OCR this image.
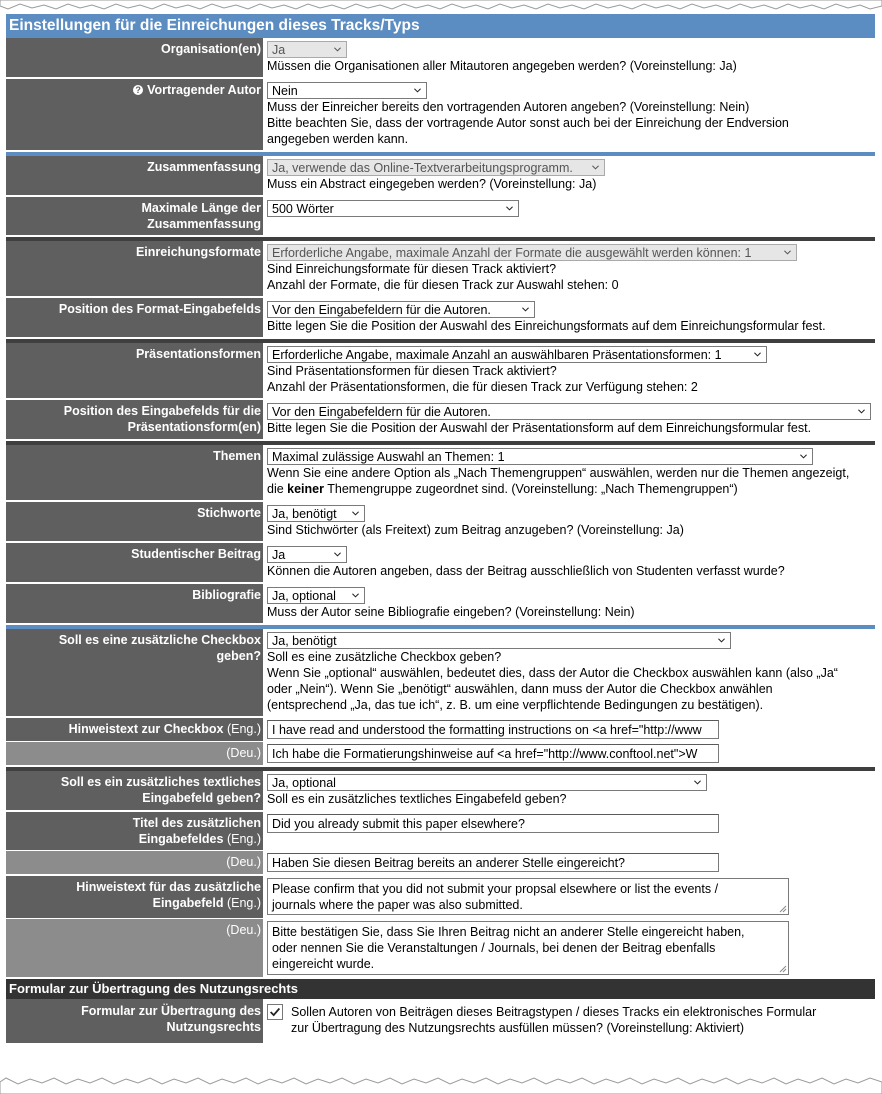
Einstellungen für die Einreichungen dieses Tracks/Typs
Organisation(en) Ja
Müssen die Organisationen aller Mitautoren angegeben werden? (Voreinstellung: Ja)
? Vortragender Autor Nein
Muss der Einreicher bereits den vortragenden Autoren angeben? (Voreinstellung: Nein)
Bitte beachten Sie, dass der vortragende Autor sonst auch bei der Einreichung der Endversion
angegeben werden kann.
Zusammenfassung Ja, verwende das Online-Textverarbeitungsprogramm.
Muss ein Abstract eingegeben werden? (Voreinstellung: Ja)
Maximale Länge der
Zusammenfassung
500 Wörter
Einreichungsformate Erforderliche Angabe, maximale Anzahl der Formate die ausgewählt werden können: 1
Sind Einreichungsformate für diesen Track aktiviert?
Anzahl der Formate, die für diesen Track zur Auswahl stehen: 0
Position des Format-Eingabefelds Vor den Eingabefeldern für die Autoren.
Bitte legen Sie die Position der Auswahl des Einreichungsformats auf dem Einreichungsformular fest.
Präsentationsformen Erforderliche Angabe, maximale Anzahl an auswählbaren Präsentationsformen: 1
Sind Präsentationsformen für diesen Track aktiviert?
Anzahl der Präsentationsformen, die für diesen Track zur Verfügung stehen: 2
Position des Eingabefelds für die
Präsentationsform(en)
Vor den Eingabefeldern für die Autoren.
Bitte legen Sie die Position der Auswahl der Präsentationsform auf dem Einreichungsformular fest.
Themen Maximal zulässige Auswahl an Themen: 1
Wenn Sie eine andere Option als „Nach Themengruppen“ auswählen, werden nur die Themen angezeigt,
die keiner Themengruppe zugeordnet sind. (Voreinstellung: „Nach Themengruppen“)
Stichworte Ja, benötigt
Sind Stichwörter (als Freitext) zum Beitrag anzugeben? (Voreinstellung: Ja)
Studentischer Beitrag Ja
Können die Autoren angeben, dass der Beitrag ausschließlich von Studenten verfasst wurde?
Bibliografie Ja, optional
Muss der Autor seine Bibliografie eingeben? (Voreinstellung: Nein)
Soll es eine zusätzliche Checkbox
geben?
Ja, benötigt
Soll es eine zusätzliche Checkbox geben?
Wenn Sie „optional“ auswählen, bedeutet dies, dass der Autor die Checkbox auswählen kann (also „Ja“
oder „Nein“). Wenn Sie „benötigt“ auswählen, dann muss der Autor die Checkbox anwählen
(entsprechend „Ja, das tue ich“, z. B. um eine verpflichtende Bedingungen zu bestätigen).
Hinweistext zur Checkbox (Eng.) I have read and understood the formatting instructions on <a href="http://www
(Deu.) Ich habe die Formatierungshinweise auf <a href="http://www.conftool.net">W
Soll es ein zusätzliches textliches
Eingabefeld geben?
Ja, optional
Soll es ein zusätzliches textliches Eingabefeld geben?
Titel des zusätzlichen
Eingabefeldes (Eng.)
Did you already submit this paper elsewhere?
(Deu.) Haben Sie diesen Beitrag bereits an anderer Stelle eingereicht?
Hinweistext für das zusätzliche
Eingabefeld (Eng.)
Please confirm that you did not submit your propsal elsewhere or list the events /
journals where the paper was also submitted.
(Deu.) Bitte bestätigen Sie, dass Sie Ihren Beitrag nicht an anderer Stelle eingereicht haben,
oder nennen Sie die Veranstaltungen / Journals, bei denen der Beitrag ebenfalls
eingereicht wurde.
Formular zur Übertragung des Nutzungsrechts
Formular zur Übertragung des
Nutzungsrechts
Sollen Autoren von Beiträgen dieses Beitragstypen / dieses Tracks ein elektronisches Formular
zur Übertragung des Nutzungsrechts ausfüllen müssen? (Voreinstellung: Aktiviert)
